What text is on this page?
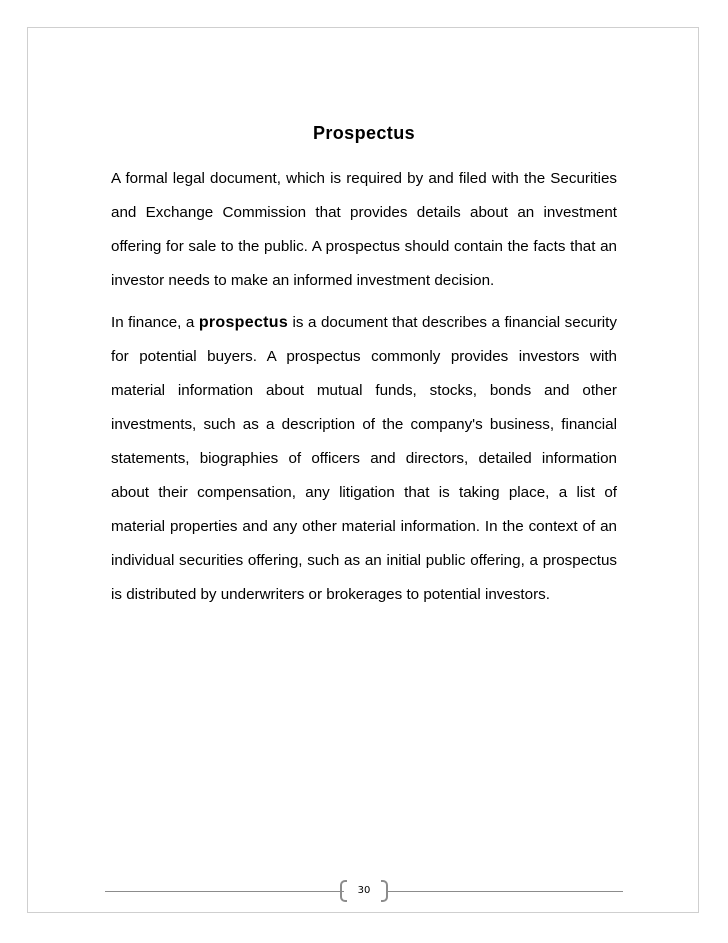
Prospectus

A formal legal document, which is required by and filed with the Securities and Exchange Commission that provides details about an investment offering for sale to the public. A prospectus should contain the facts that an investor needs to make an informed investment decision.

In finance, a prospectus is a document that describes a financial security for potential buyers. A prospectus commonly provides investors with material information about mutual funds, stocks, bonds and other investments, such as a description of the company's business, financial statements, biographies of officers and directors, detailed information about their compensation, any litigation that is taking place, a list of material properties and any other material information. In the context of an individual securities offering, such as an initial public offering, a prospectus is distributed by underwriters or brokerages to potential investors.

30
